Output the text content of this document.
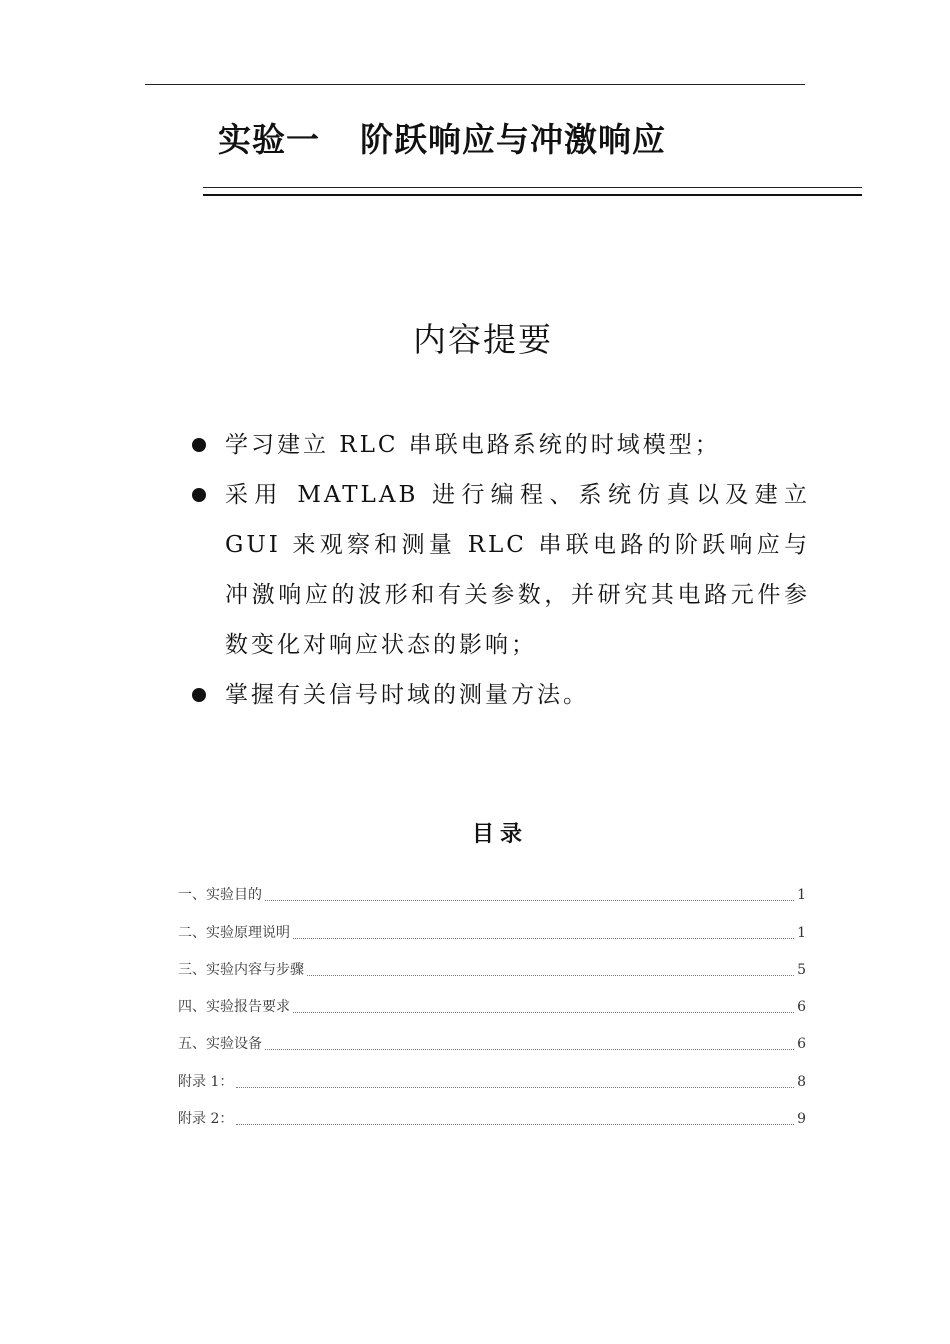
实验一 阶跃响应与冲激响应
内容提要
学习建立 RLC 串联电路系统的时域模型；
采用 MATLAB 进行编程、系统仿真以及建立 GUI 来观察和测量 RLC 串联电路的阶跃响应与冲激响应的波形和有关参数，并研究其电路元件参数变化对响应状态的影响；
掌握有关信号时域的测量方法。
目录
一、实验目的	1
二、实验原理说明	1
三、实验内容与步骤	5
四、实验报告要求	6
五、实验设备	6
附录 1：	8
附录 2：	9
